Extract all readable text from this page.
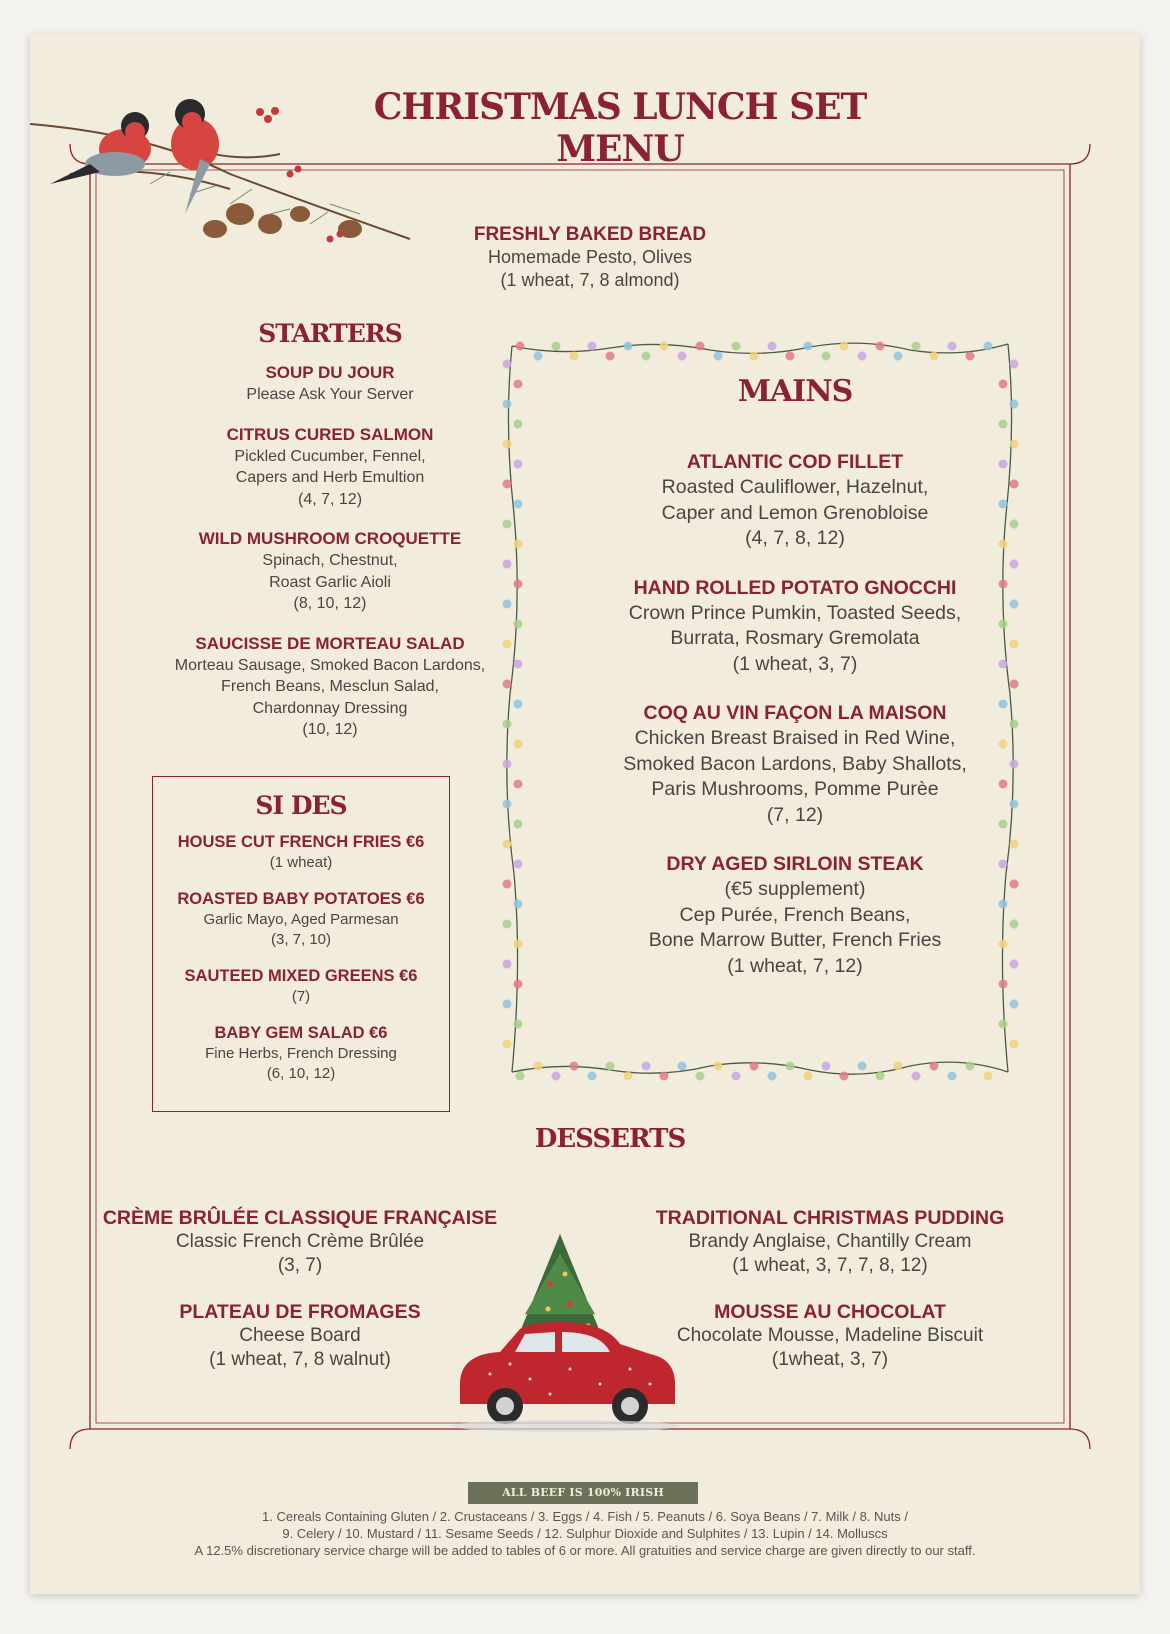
CHRISTMAS LUNCH SET MENU
FRESHLY BAKED BREAD
Homemade Pesto, Olives
(1 wheat, 7, 8 almond)
STARTERS
SOUP DU JOUR
Please Ask Your Server
CITRUS CURED SALMON
Pickled Cucumber, Fennel,
Capers and Herb Emultion
(4, 7, 12)
WILD MUSHROOM CROQUETTE
Spinach, Chestnut,
Roast Garlic Aioli
(8, 10, 12)
SAUCISSE DE MORTEAU SALAD
Morteau Sausage, Smoked Bacon Lardons,
French Beans, Mesclun Salad,
Chardonnay Dressing
(10, 12)
SI DES
HOUSE CUT FRENCH FRIES €6
(1 wheat)
ROASTED BABY POTATOES €6
Garlic Mayo, Aged Parmesan
(3, 7, 10)
SAUTEED MIXED GREENS €6
(7)
BABY GEM SALAD €6
Fine Herbs, French Dressing
(6, 10, 12)
MAINS
ATLANTIC COD FILLET
Roasted Cauliflower, Hazelnut,
Caper and Lemon Grenobloise
(4, 7, 8, 12)
HAND ROLLED POTATO GNOCCHI
Crown Prince Pumkin, Toasted Seeds,
Burrata, Rosmary Gremolata
(1 wheat, 3, 7)
COQ AU VIN FAÇON LA MAISON
Chicken Breast Braised in Red Wine,
Smoked Bacon Lardons, Baby Shallots,
Paris Mushrooms, Pomme Purèe
(7, 12)
DRY AGED SIRLOIN STEAK
(€5 supplement)
Cep Purée, French Beans,
Bone Marrow Butter, French Fries
(1 wheat, 7, 12)
DESSERTS
CRÈME BRÛLÉE CLASSIQUE FRANÇAISE
Classic French Crème Brûlée
(3, 7)
PLATEAU DE FROMAGES
Cheese Board
(1 wheat, 7, 8 walnut)
TRADITIONAL CHRISTMAS PUDDING
Brandy Anglaise, Chantilly Cream
(1 wheat, 3, 7, 7, 8, 12)
MOUSSE AU CHOCOLAT
Chocolate Mousse, Madeline Biscuit
(1wheat, 3, 7)
ALL BEEF IS 100% IRISH
1. Cereals Containing Gluten / 2. Crustaceans / 3. Eggs / 4. Fish / 5. Peanuts / 6. Soya Beans / 7. Milk / 8. Nuts /
9. Celery / 10. Mustard / 11. Sesame Seeds / 12. Sulphur Dioxide and Sulphites / 13. Lupin / 14. Molluscs
A 12.5% discretionary service charge will be added to tables of 6 or more. All gratuities and service charge are given directly to our staff.
